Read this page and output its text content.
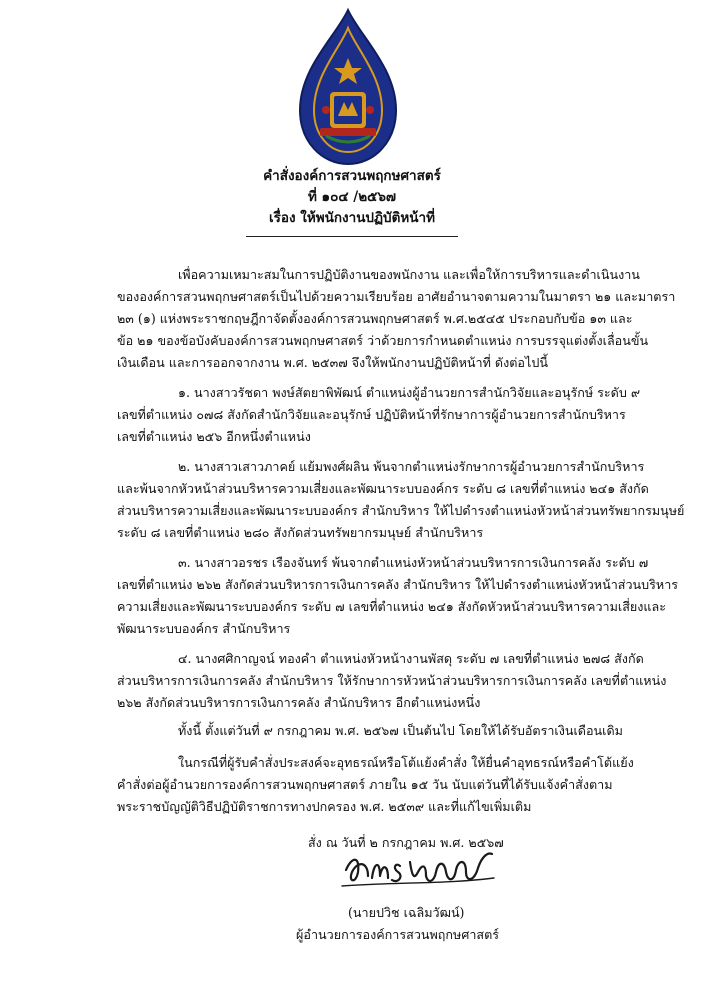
คำสั่งองค์การสวนพฤกษศาสตร์
ที่ ๑๐๔ /๒๕๖๗
เรื่อง ให้พนักงานปฏิบัติหน้าที่
เพื่อความเหมาะสมในการปฏิบัติงานของพนักงาน และเพื่อให้การบริหารและดำเนินงาน
ขององค์การสวนพฤกษศาสตร์เป็นไปด้วยความเรียบร้อย อาศัยอำนาจตามความในมาตรา ๒๑ และมาตรา
๒๓ (๑) แห่งพระราชกฤษฎีกาจัดตั้งองค์การสวนพฤกษศาสตร์ พ.ศ.๒๕๔๕ ประกอบกับข้อ ๑๓ และ
ข้อ ๒๑ ของข้อบังคับองค์การสวนพฤกษศาสตร์ ว่าด้วยการกำหนดตำแหน่ง การบรรจุแต่งตั้งเลื่อนขั้น
เงินเดือน และการออกจากงาน พ.ศ. ๒๕๓๗ จึงให้พนักงานปฏิบัติหน้าที่ ดังต่อไปนี้
๑. นางสาวรัชดา พงษ์สัตยาพิพัฒน์ ตำแหน่งผู้อำนวยการสำนักวิจัยและอนุรักษ์ ระดับ ๙
เลขที่ตำแหน่ง ๐๗๘ สังกัดสำนักวิจัยและอนุรักษ์ ปฏิบัติหน้าที่รักษาการผู้อำนวยการสำนักบริหาร
เลขที่ตำแหน่ง ๒๕๖ อีกหนึ่งตำแหน่ง
๒. นางสาวเสาวภาคย์ แย้มพงศ์ผลิน พ้นจากตำแหน่งรักษาการผู้อำนวยการสำนักบริหาร
และพ้นจากหัวหน้าส่วนบริหารความเสี่ยงและพัฒนาระบบองค์กร ระดับ ๘ เลขที่ตำแหน่ง ๒๔๑ สังกัด
ส่วนบริหารความเสี่ยงและพัฒนาระบบองค์กร สำนักบริหาร ให้ไปดำรงตำแหน่งหัวหน้าส่วนทรัพยากรมนุษย์
ระดับ ๘ เลขที่ตำแหน่ง ๒๘๐ สังกัดส่วนทรัพยากรมนุษย์ สำนักบริหาร
๓. นางสาวอรชร เรืองจันทร์ พ้นจากตำแหน่งหัวหน้าส่วนบริหารการเงินการคลัง ระดับ ๗
เลขที่ตำแหน่ง ๒๖๒ สังกัดส่วนบริหารการเงินการคลัง สำนักบริหาร ให้ไปดำรงตำแหน่งหัวหน้าส่วนบริหาร
ความเสี่ยงและพัฒนาระบบองค์กร ระดับ ๗ เลขที่ตำแหน่ง ๒๔๑ สังกัดหัวหน้าส่วนบริหารความเสี่ยงและ
พัฒนาระบบองค์กร สำนักบริหาร
๔. นางศศิกาญจน์ ทองคำ ตำแหน่งหัวหน้างานพัสดุ ระดับ ๗ เลขที่ตำแหน่ง ๒๗๘ สังกัด
ส่วนบริหารการเงินการคลัง สำนักบริหาร ให้รักษาการหัวหน้าส่วนบริหารการเงินการคลัง เลขที่ตำแหน่ง
๒๖๒ สังกัดส่วนบริหารการเงินการคลัง สำนักบริหาร อีกตำแหน่งหนึ่ง
ทั้งนี้ ตั้งแต่วันที่ ๙ กรกฎาคม พ.ศ. ๒๕๖๗ เป็นต้นไป โดยให้ได้รับอัตราเงินเดือนเดิม
ในกรณีที่ผู้รับคำสั่งประสงค์จะอุทธรณ์หรือโต้แย้งคำสั่ง ให้ยื่นคำอุทธรณ์หรือคำโต้แย้ง
คำสั่งต่อผู้อำนวยการองค์การสวนพฤกษศาสตร์ ภายใน ๑๕ วัน นับแต่วันที่ได้รับแจ้งคำสั่งตาม
พระราชบัญญัติวิธีปฏิบัติราชการทางปกครอง พ.ศ. ๒๕๓๙ และที่แก้ไขเพิ่มเติม
สั่ง ณ วันที่ ๒ กรกฎาคม พ.ศ. ๒๕๖๗
(นายปวิช เฉลิมวัฒน์)
ผู้อำนวยการองค์การสวนพฤกษศาสตร์
